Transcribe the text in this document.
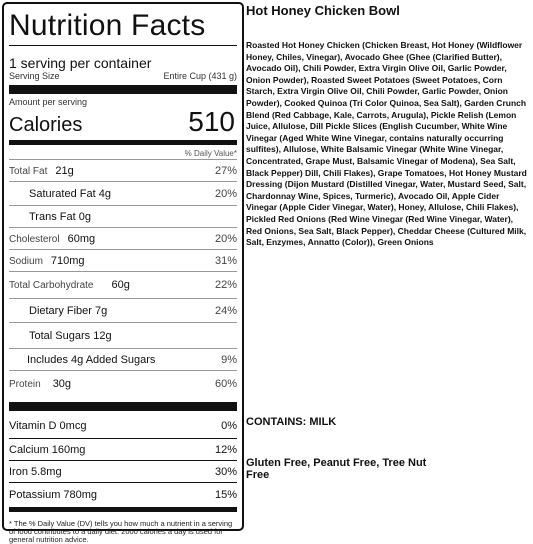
Nutrition Facts
1 serving per container
Serving Size	Entire Cup (431 g)
Amount per serving
Calories	510
% Daily Value*
Total Fat 21g	27%
Saturated Fat 4g	20%
Trans Fat 0g
Cholesterol 60mg	20%
Sodium 710mg	31%
Total Carbohydrate 60g	22%
Dietary Fiber 7g	24%
Total Sugars 12g
Includes 4g Added Sugars	9%
Protein 30g	60%
Vitamin D 0mcg	0%
Calcium 160mg	12%
Iron 5.8mg	30%
Potassium 780mg	15%
* The % Daily Value (DV) tells you how much a nutrient in a serving of food contributes to a daily diet. 2000 calories a day is used for general nutrition advice.
Hot Honey Chicken Bowl
Roasted Hot Honey Chicken (Chicken Breast, Hot Honey (Wildflower Honey, Chiles, Vinegar), Avocado Ghee (Ghee (Clarified Butter), Avocado Oil), Chili Powder, Extra Virgin Olive Oil, Garlic Powder, Onion Powder), Roasted Sweet Potatoes (Sweet Potatoes, Corn Starch, Extra Virgin Olive Oil, Chili Powder, Garlic Powder, Onion Powder), Cooked Quinoa (Tri Color Quinoa, Sea Salt), Garden Crunch Blend (Red Cabbage, Kale, Carrots, Arugula), Pickle Relish (Lemon Juice, Allulose, Dill Pickle Slices (English Cucumber, White Wine Vinegar (Aged White Wine Vinegar, contains naturally occurring sulfites), Allulose, White Balsamic Vinegar (White Wine Vinegar, Concentrated, Grape Must, Balsamic Vinegar of Modena), Sea Salt, Black Pepper) Dill, Chili Flakes), Grape Tomatoes, Hot Honey Mustard Dressing (Dijon Mustard (Distilled Vinegar, Water, Mustard Seed, Salt, Chardonnay Wine, Spices, Turmeric), Avocado Oil, Apple Cider Vinegar (Apple Cider Vinegar, Water), Honey, Allulose, Chili Flakes), Pickled Red Onions (Red Wine Vinegar (Red Wine Vinegar, Water), Red Onions, Sea Salt, Black Pepper), Cheddar Cheese (Cultured Milk, Salt, Enzymes, Annatto (Color)), Green Onions
CONTAINS: MILK
Gluten Free, Peanut Free, Tree Nut Free
